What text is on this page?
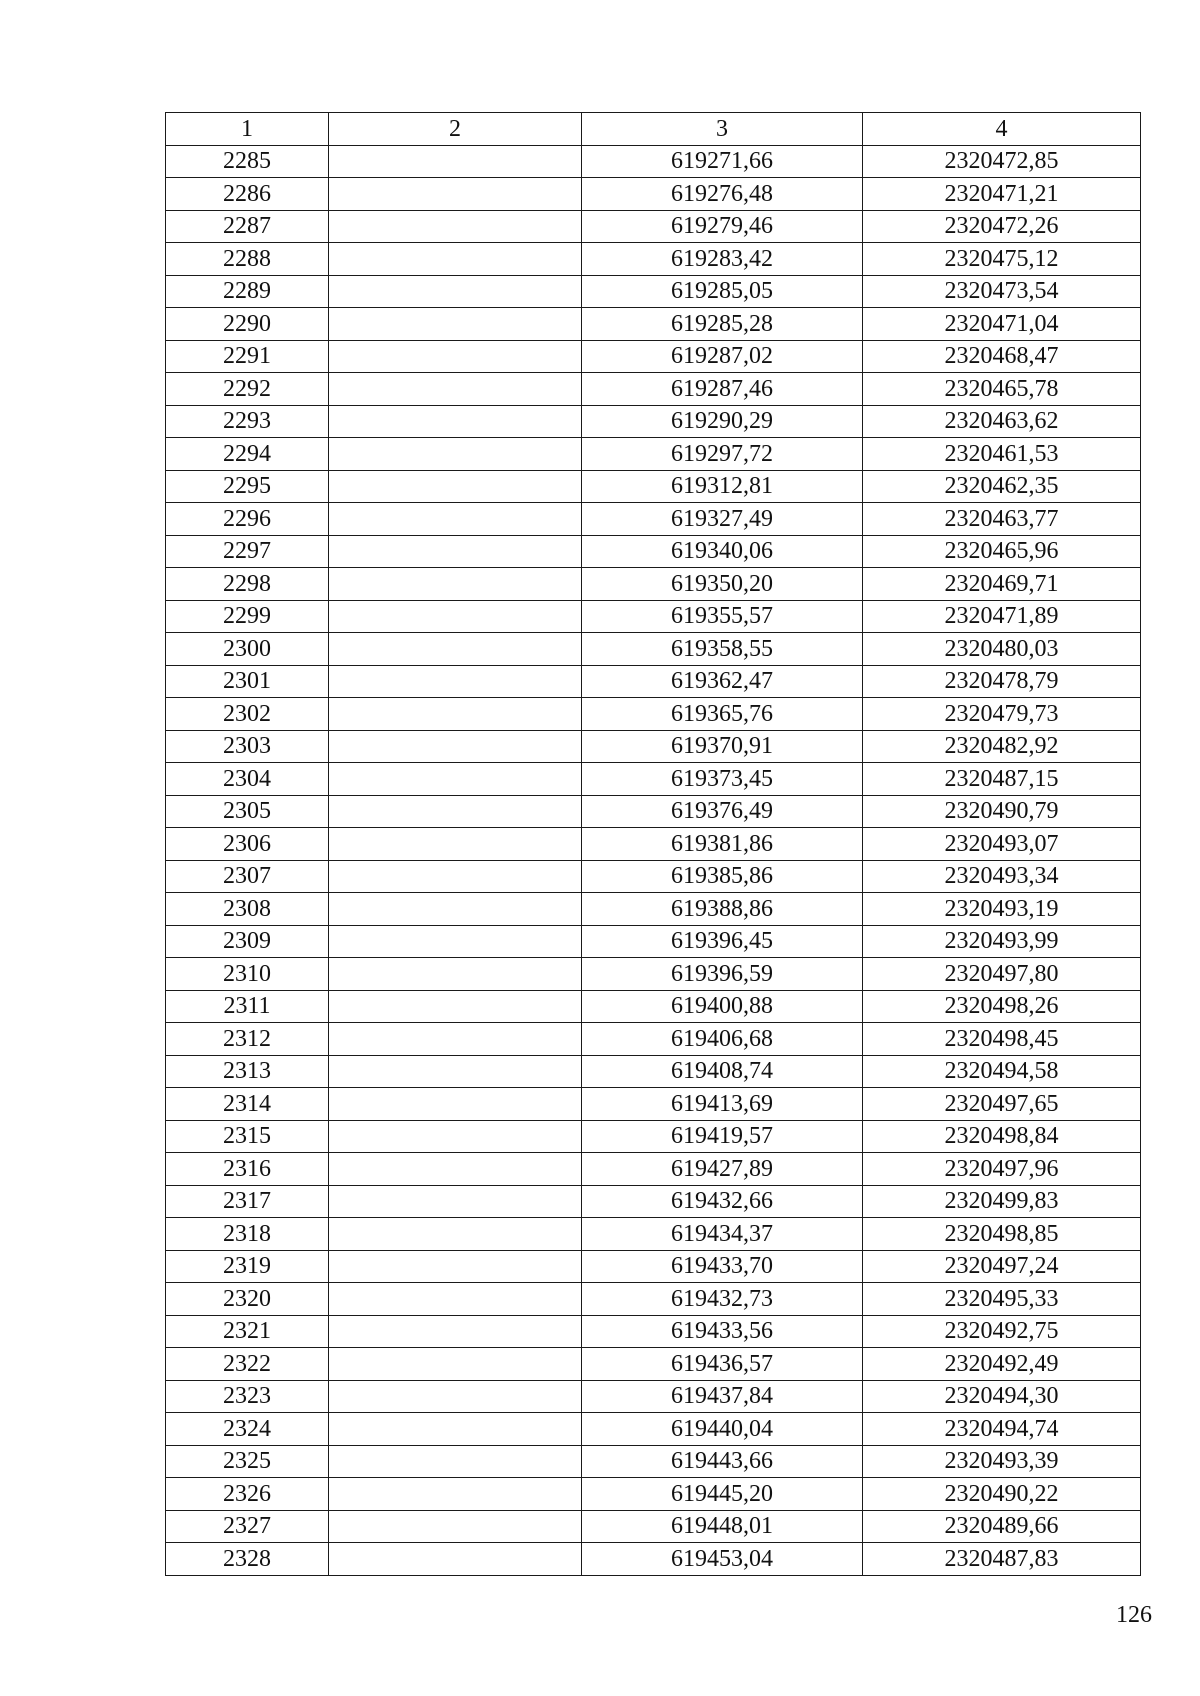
1	2	3	4
2285		619271,66	2320472,85
2286		619276,48	2320471,21
2287		619279,46	2320472,26
2288		619283,42	2320475,12
2289		619285,05	2320473,54
2290		619285,28	2320471,04
2291		619287,02	2320468,47
2292		619287,46	2320465,78
2293		619290,29	2320463,62
2294		619297,72	2320461,53
2295		619312,81	2320462,35
2296		619327,49	2320463,77
2297		619340,06	2320465,96
2298		619350,20	2320469,71
2299		619355,57	2320471,89
2300		619358,55	2320480,03
2301		619362,47	2320478,79
2302		619365,76	2320479,73
2303		619370,91	2320482,92
2304		619373,45	2320487,15
2305		619376,49	2320490,79
2306		619381,86	2320493,07
2307		619385,86	2320493,34
2308		619388,86	2320493,19
2309		619396,45	2320493,99
2310		619396,59	2320497,80
2311		619400,88	2320498,26
2312		619406,68	2320498,45
2313		619408,74	2320494,58
2314		619413,69	2320497,65
2315		619419,57	2320498,84
2316		619427,89	2320497,96
2317		619432,66	2320499,83
2318		619434,37	2320498,85
2319		619433,70	2320497,24
2320		619432,73	2320495,33
2321		619433,56	2320492,75
2322		619436,57	2320492,49
2323		619437,84	2320494,30
2324		619440,04	2320494,74
2325		619443,66	2320493,39
2326		619445,20	2320490,22
2327		619448,01	2320489,66
2328		619453,04	2320487,83
126
